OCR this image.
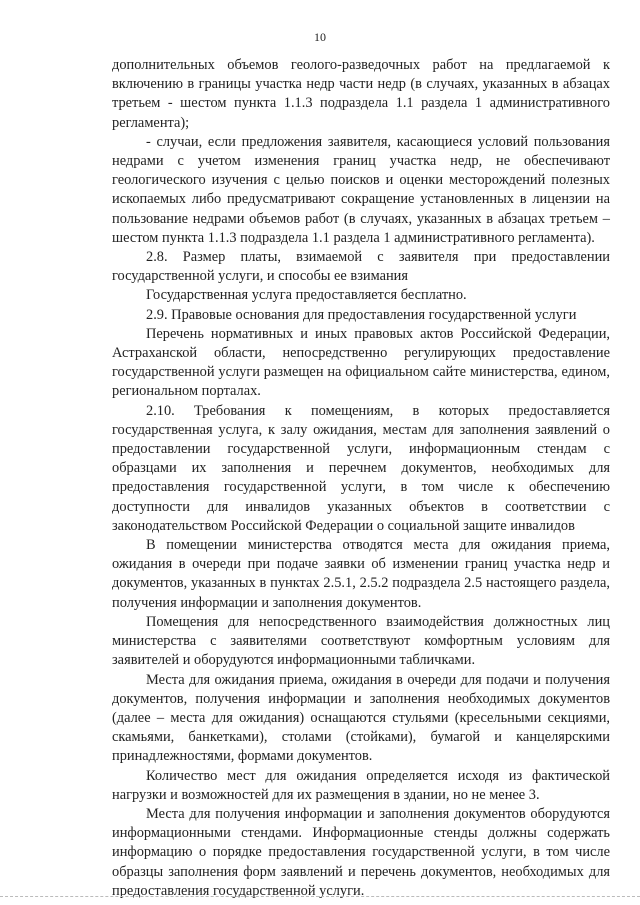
10

дополнительных объемов геолого-разведочных работ на предлагаемой к включению в границы участка недр части недр (в случаях, указанных в абзацах третьем - шестом пункта 1.1.3 подраздела 1.1 раздела 1 административного регламента);

- случаи, если предложения заявителя, касающиеся условий пользования недрами с учетом изменения границ участка недр, не обеспечивают геологического изучения с целью поисков и оценки месторождений полезных ископаемых либо предусматривают сокращение установленных в лицензии на пользование недрами объемов работ (в случаях, указанных в абзацах третьем – шестом пункта 1.1.3 подраздела 1.1 раздела 1 административного регламента).

2.8. Размер платы, взимаемой с заявителя при предоставлении государственной услуги, и способы ее взимания

Государственная услуга предоставляется бесплатно.

2.9. Правовые основания для предоставления государственной услуги

Перечень нормативных и иных правовых актов Российской Федерации, Астраханской области, непосредственно регулирующих предоставление государственной услуги размещен на официальном сайте министерства, едином, региональном порталах.

2.10. Требования к помещениям, в которых предоставляется государственная услуга, к залу ожидания, местам для заполнения заявлений о предоставлении государственной услуги, информационным стендам с образцами их заполнения и перечнем документов, необходимых для предоставления государственной услуги, в том числе к обеспечению доступности для инвалидов указанных объектов в соответствии с законодательством Российской Федерации о социальной защите инвалидов

В помещении министерства отводятся места для ожидания приема, ожидания в очереди при подаче заявки об изменении границ участка недр и документов, указанных в пунктах 2.5.1, 2.5.2 подраздела 2.5 настоящего раздела, получения информации и заполнения документов.

Помещения для непосредственного взаимодействия должностных лиц министерства с заявителями соответствуют комфортным условиям для заявителей и оборудуются информационными табличками.

Места для ожидания приема, ожидания в очереди для подачи и получения документов, получения информации и заполнения необходимых документов (далее – места для ожидания) оснащаются стульями (кресельными секциями, скамьями, банкетками), столами (стойками), бумагой и канцелярскими принадлежностями, формами документов.

Количество мест для ожидания определяется исходя из фактической нагрузки и возможностей для их размещения в здании, но не менее 3.

Места для получения информации и заполнения документов оборудуются информационными стендами. Информационные стенды должны содержать информацию о порядке предоставления государственной услуги, в том числе образцы заполнения форм заявлений и перечень документов, необходимых для предоставления государственной услуги.
